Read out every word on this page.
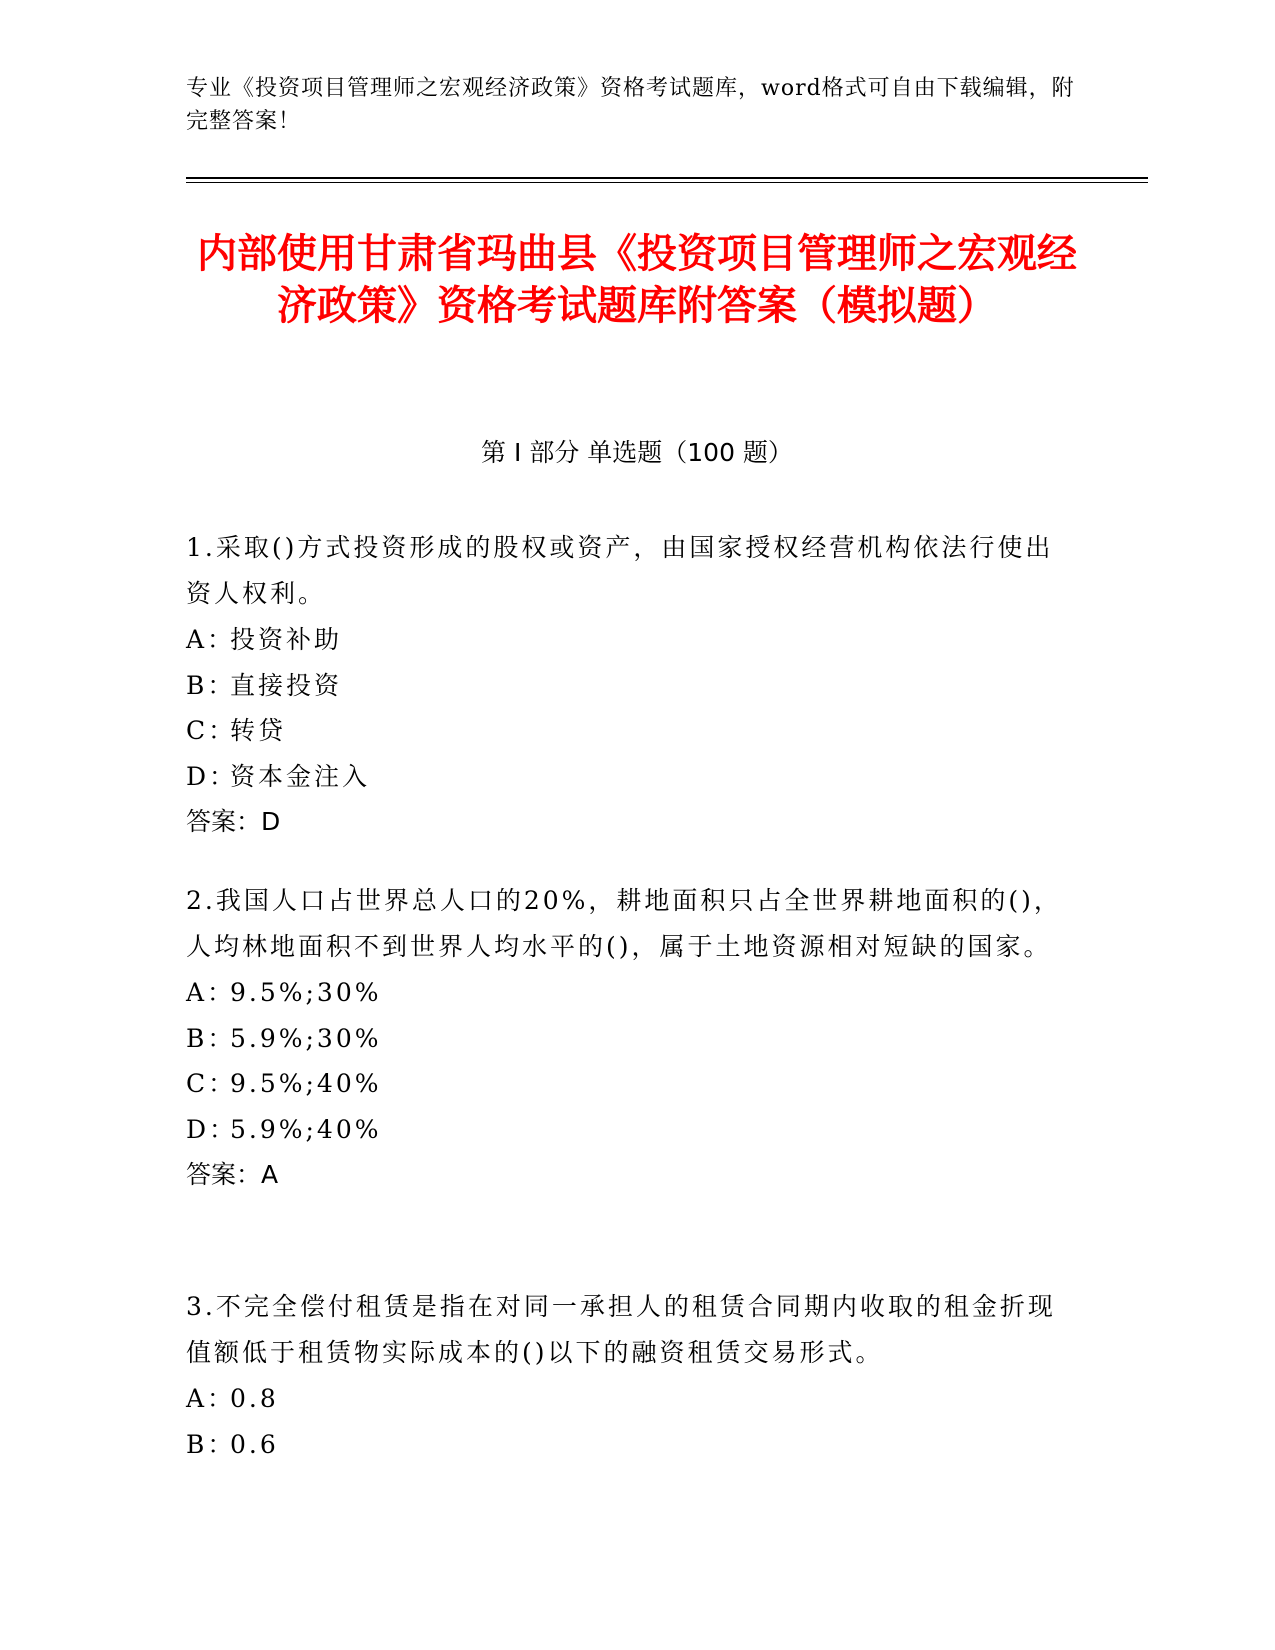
专业《投资项目管理师之宏观经济政策》资格考试题库，word格式可自由下载编辑，附完整答案！
内部使用甘肃省玛曲县《投资项目管理师之宏观经济政策》资格考试题库附答案（模拟题）
第 I 部分 单选题（100 题）

1.采取()方式投资形成的股权或资产，由国家授权经营机构依法行使出资人权利。

A：投资补助

B：直接投资

C：转贷

D：资本金注入

答案：D

2.我国人口占世界总人口的20%，耕地面积只占全世界耕地面积的()，人均林地面积不到世界人均水平的()，属于土地资源相对短缺的国家。

A：9.5%;30%

B：5.9%;30%

C：9.5%;40%

D：5.9%;40%

答案：A

3.不完全偿付租赁是指在对同一承担人的租赁合同期内收取的租金折现值额低于租赁物实际成本的()以下的融资租赁交易形式。

A：0.8

B：0.6
